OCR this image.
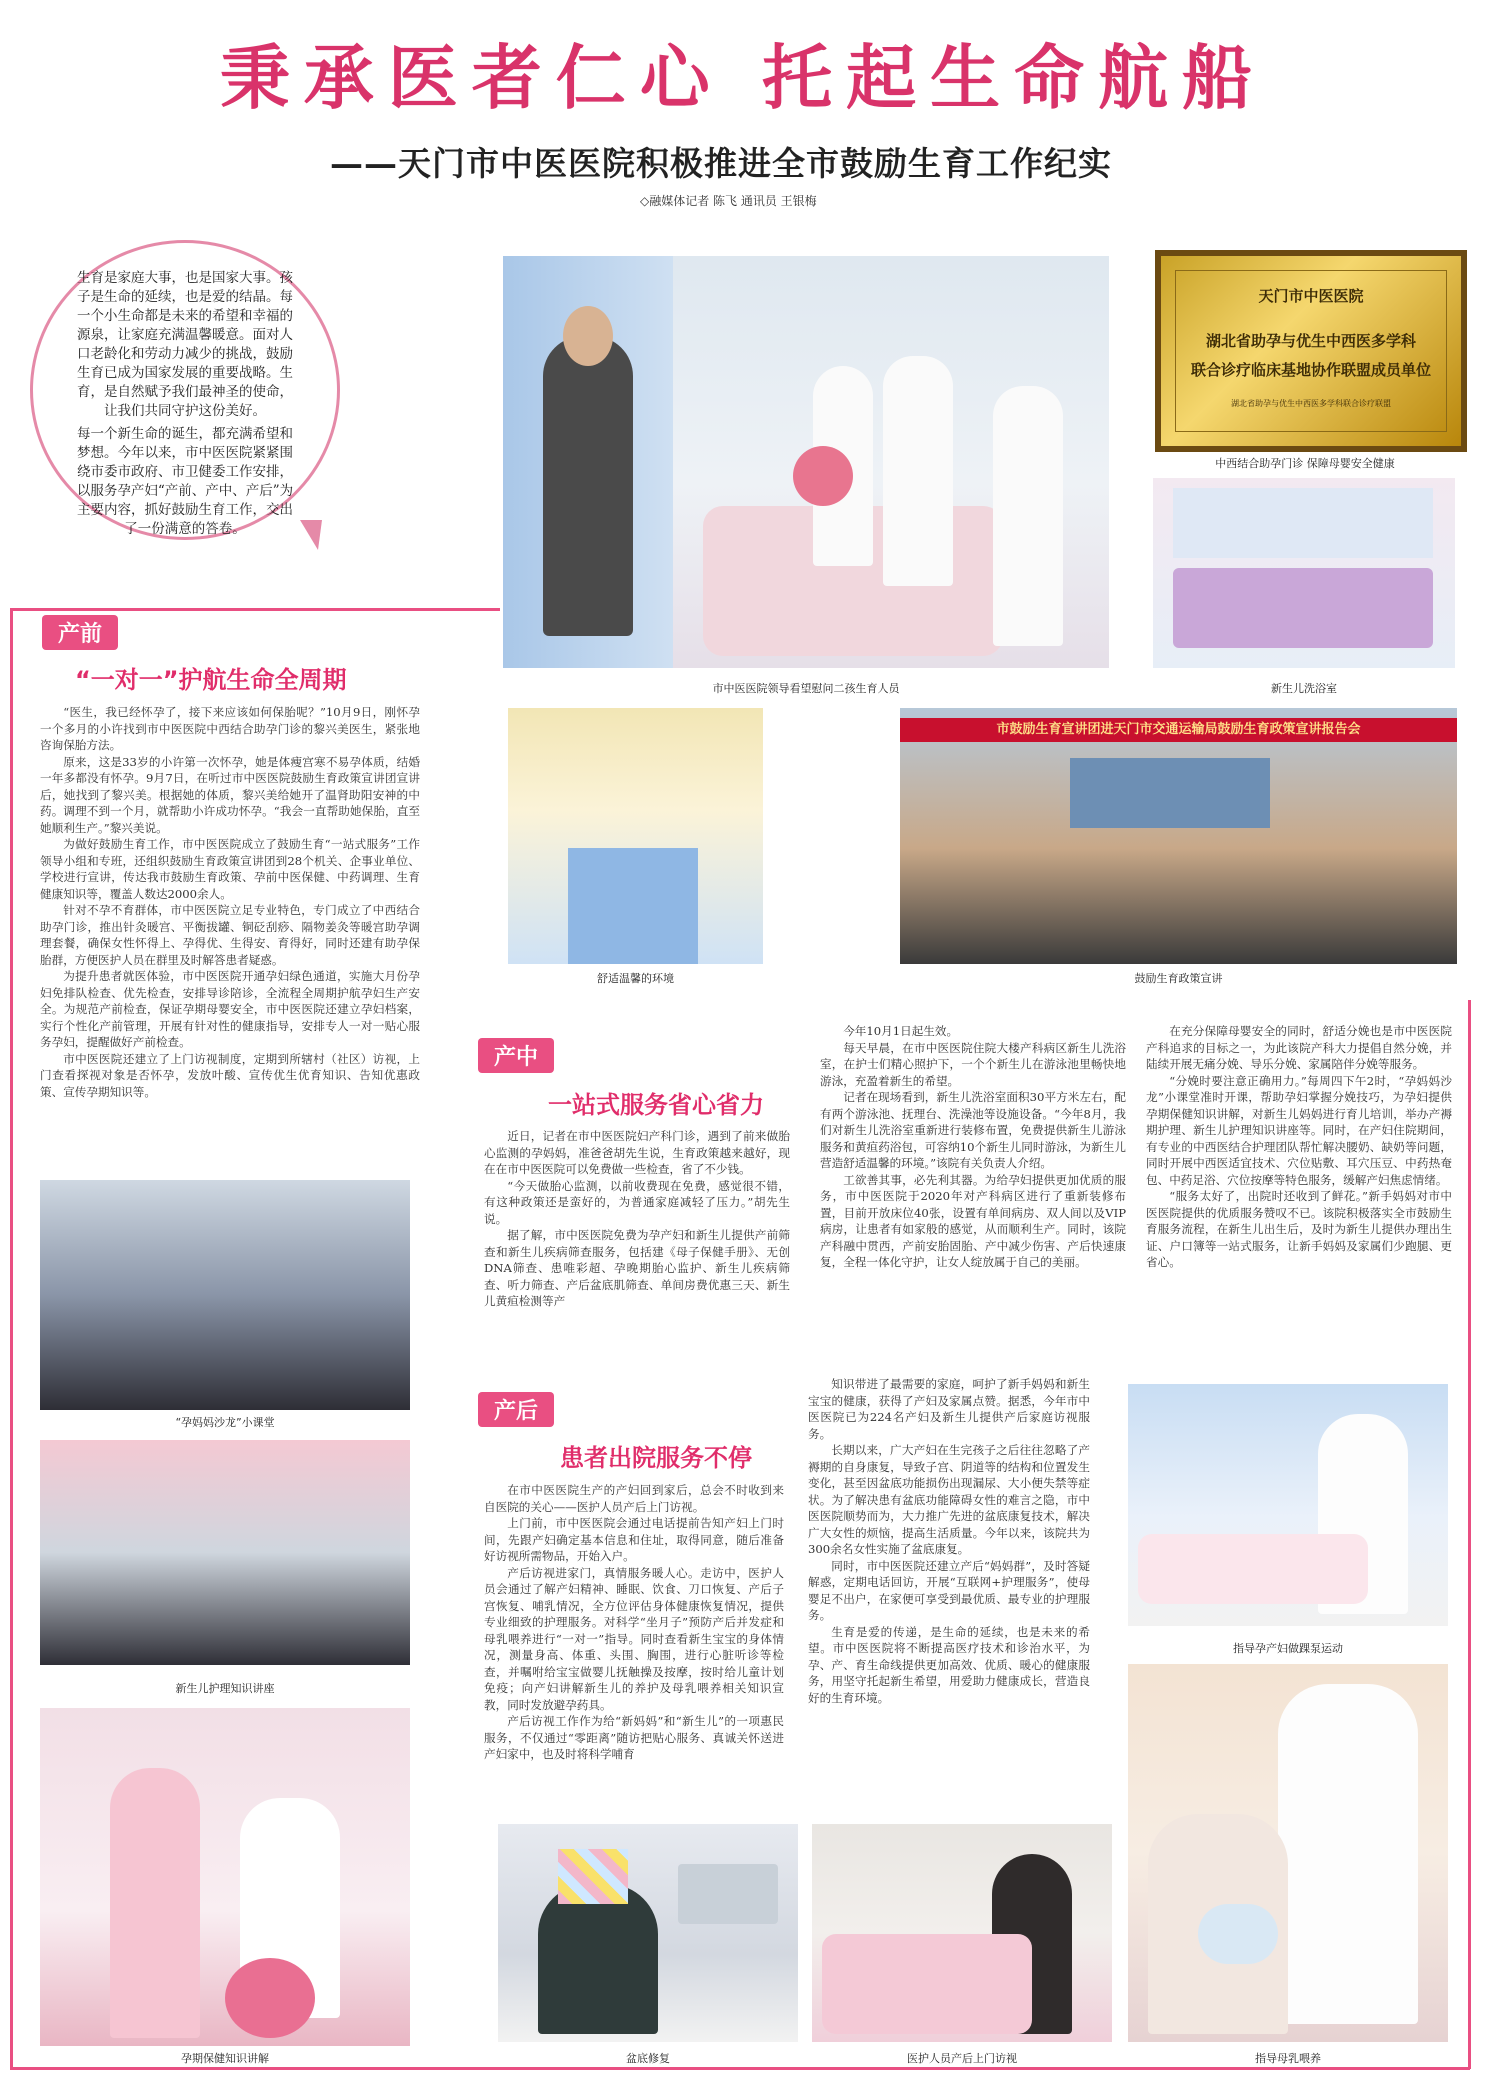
秉承医者仁心 托起生命航船
——天门市中医医院积极推进全市鼓励生育工作纪实
◇融媒体记者 陈飞 通讯员 王银梅

生育是家庭大事，也是国家大事。孩子是生命的延续，也是爱的结晶。每一个小生命都是未来的希望和幸福的源泉，让家庭充满温馨暖意。面对人口老龄化和劳动力减少的挑战，鼓励生育已成为国家发展的重要战略。生育，是自然赋予我们最神圣的使命，让我们共同守护这份美好。

每一个新生命的诞生，都充满希望和梦想。今年以来，市中医医院紧紧围绕市委市政府、市卫健委工作安排，以服务孕产妇“产前、产中、产后”为主要内容，抓好鼓励生育工作，交出了一份满意的答卷。

市中医医院领导看望慰问二孩生育人员
天门市中医医院
湖北省助孕与优生中西医多学科
联合诊疗临床基地协作联盟成员单位
湖北省助孕与优生中西医多学科联合诊疗联盟
中西结合助孕门诊 保障母婴安全健康
新生儿洗浴室
舒适温馨的环境
市鼓励生育宣讲团进天门市交通运输局鼓励生育政策宣讲报告会
鼓励生育政策宣讲
产前
“一对一”护航生命全周期

“医生，我已经怀孕了，接下来应该如何保胎呢？”10月9日，刚怀孕一个多月的小许找到市中医医院中西结合助孕门诊的黎兴美医生，紧张地咨询保胎方法。

原来，这是33岁的小许第一次怀孕，她是体瘦宫寒不易孕体质，结婚一年多都没有怀孕。9月7日，在听过市中医医院鼓励生育政策宣讲团宣讲后，她找到了黎兴美。根据她的体质，黎兴美给她开了温肾助阳安神的中药。调理不到一个月，就帮助小许成功怀孕。“我会一直帮助她保胎，直至她顺利生产。”黎兴美说。

为做好鼓励生育工作，市中医医院成立了鼓励生育“一站式服务”工作领导小组和专班，还组织鼓励生育政策宣讲团到28个机关、企事业单位、学校进行宣讲，传达我市鼓励生育政策、孕前中医保健、中药调理、生育健康知识等，覆盖人数达2000余人。

针对不孕不育群体，市中医医院立足专业特色，专门成立了中西结合助孕门诊，推出针灸暖宫、平衡拔罐、铜砭刮痧、隔物姜灸等暖宫助孕调理套餐，确保女性怀得上、孕得优、生得安、育得好，同时还建有助孕保胎群，方便医护人员在群里及时解答患者疑惑。

为提升患者就医体验，市中医医院开通孕妇绿色通道，实施大月份孕妇免排队检查、优先检查，安排导诊陪诊，全流程全周期护航孕妇生产安全。为规范产前检查，保证孕期母婴安全，市中医医院还建立孕妇档案，实行个性化产前管理，开展有针对性的健康指导，安排专人一对一贴心服务孕妇，提醒做好产前检查。

市中医医院还建立了上门访视制度，定期到所辖村（社区）访视，上门查看探视对象是否怀孕，发放叶酸、宣传优生优育知识、告知优惠政策、宣传孕期知识等。

“孕妈妈沙龙”小课堂
新生儿护理知识讲座
孕期保健知识讲解
产中
一站式服务省心省力

近日，记者在市中医医院妇产科门诊，遇到了前来做胎心监测的孕妈妈，准爸爸胡先生说，生育政策越来越好，现在在市中医医院可以免费做一些检查，省了不少钱。

“今天做胎心监测，以前收费现在免费，感觉很不错，有这种政策还是蛮好的，为普通家庭减轻了压力。”胡先生说。

据了解，市中医医院免费为孕产妇和新生儿提供产前筛查和新生儿疾病筛查服务，包括建《母子保健手册》、无创DNA筛查、患唯彩超、孕晚期胎心监护、新生儿疾病筛查、听力筛查、产后盆底肌筛查、单间房费优惠三天、新生儿黄疸检测等产

今年10月1日起生效。

每天早晨，在市中医医院住院大楼产科病区新生儿洗浴室，在护士们精心照护下，一个个新生儿在游泳池里畅快地游泳，充盈着新生的希望。

记者在现场看到，新生儿洗浴室面积30平方米左右，配有两个游泳池、抚理台、洗澡池等设施设备。“今年8月，我们对新生儿洗浴室重新进行装修布置，免费提供新生儿游泳服务和黄疸药浴包，可容纳10个新生儿同时游泳，为新生儿营造舒适温馨的环境。”该院有关负责人介绍。

工欲善其事，必先利其器。为给孕妇提供更加优质的服务，市中医医院于2020年对产科病区进行了重新装修布置，目前开放床位40张，设置有单间病房、双人间以及VIP病房，让患者有如家般的感觉，从而顺利生产。同时，该院产科融中贯西，产前安胎固胎、产中减少伤害、产后快速康复，全程一体化守护，让女人绽放属于自己的美丽。

在充分保障母婴安全的同时，舒适分娩也是市中医医院产科追求的目标之一，为此该院产科大力提倡自然分娩，并陆续开展无痛分娩、导乐分娩、家属陪伴分娩等服务。

“分娩时要注意正确用力。”每周四下午2时，“孕妈妈沙龙”小课堂准时开课，帮助孕妇掌握分娩技巧，为孕妇提供孕期保健知识讲解，对新生儿妈妈进行育儿培训，举办产褥期护理、新生儿护理知识讲座等。同时，在产妇住院期间，有专业的中西医结合护理团队帮忙解决腰奶、缺奶等问题，同时开展中西医适宜技术、穴位贴敷、耳穴压豆、中药热奄包、中药足浴、穴位按摩等特色服务，缓解产妇焦虑情绪。

“服务太好了，出院时还收到了鲜花。”新手妈妈对市中医医院提供的优质服务赞叹不已。该院积极落实全市鼓励生育服务流程，在新生儿出生后，及时为新生儿提供办理出生证、户口簿等一站式服务，让新手妈妈及家属们少跑腿、更省心。

产后
患者出院服务不停

在市中医医院生产的产妇回到家后，总会不时收到来自医院的关心——医护人员产后上门访视。

上门前，市中医医院会通过电话提前告知产妇上门时间，先跟产妇确定基本信息和住址，取得同意，随后准备好访视所需物品，开始入户。

产后访视进家门，真情服务暖人心。走访中，医护人员会通过了解产妇精神、睡眠、饮食、刀口恢复、产后子宫恢复、哺乳情况，全方位评估身体健康恢复情况，提供专业细致的护理服务。对科学“坐月子”预防产后并发症和母乳喂养进行“一对一”指导。同时查看新生宝宝的身体情况，测量身高、体重、头围、胸围，进行心脏听诊等检查，并嘱咐给宝宝做婴儿抚触操及按摩，按时给儿童计划免疫；向产妇讲解新生儿的养护及母乳喂养相关知识宣教，同时发放避孕药具。

产后访视工作作为给“新妈妈”和“新生儿”的一项惠民服务，不仅通过“零距离”随访把贴心服务、真诚关怀送进产妇家中，也及时将科学哺育

知识带进了最需要的家庭，呵护了新手妈妈和新生宝宝的健康，获得了产妇及家属点赞。据悉，今年市中医医院已为224名产妇及新生儿提供产后家庭访视服务。

长期以来，广大产妇在生完孩子之后往往忽略了产褥期的自身康复，导致子宫、阴道等的结构和位置发生变化，甚至因盆底功能损伤出现漏尿、大小便失禁等症状。为了解决患有盆底功能障碍女性的难言之隐，市中医医院顺势而为，大力推广先进的盆底康复技术，解决广大女性的烦恼，提高生活质量。今年以来，该院共为300余名女性实施了盆底康复。

同时，市中医医院还建立产后“妈妈群”，及时答疑解惑，定期电话回访，开展“互联网+护理服务”，使母婴足不出户，在家便可享受到最优质、最专业的护理服务。

生育是爱的传递，是生命的延续，也是未来的希望。市中医医院将不断提高医疗技术和诊治水平，为孕、产、育生命线提供更加高效、优质、暖心的健康服务，用坚守托起新生希望，用爱助力健康成长，营造良好的生育环境。

指导孕产妇做踝泵运动
指导母乳喂养
盆底修复	医护人员产后上门访视
